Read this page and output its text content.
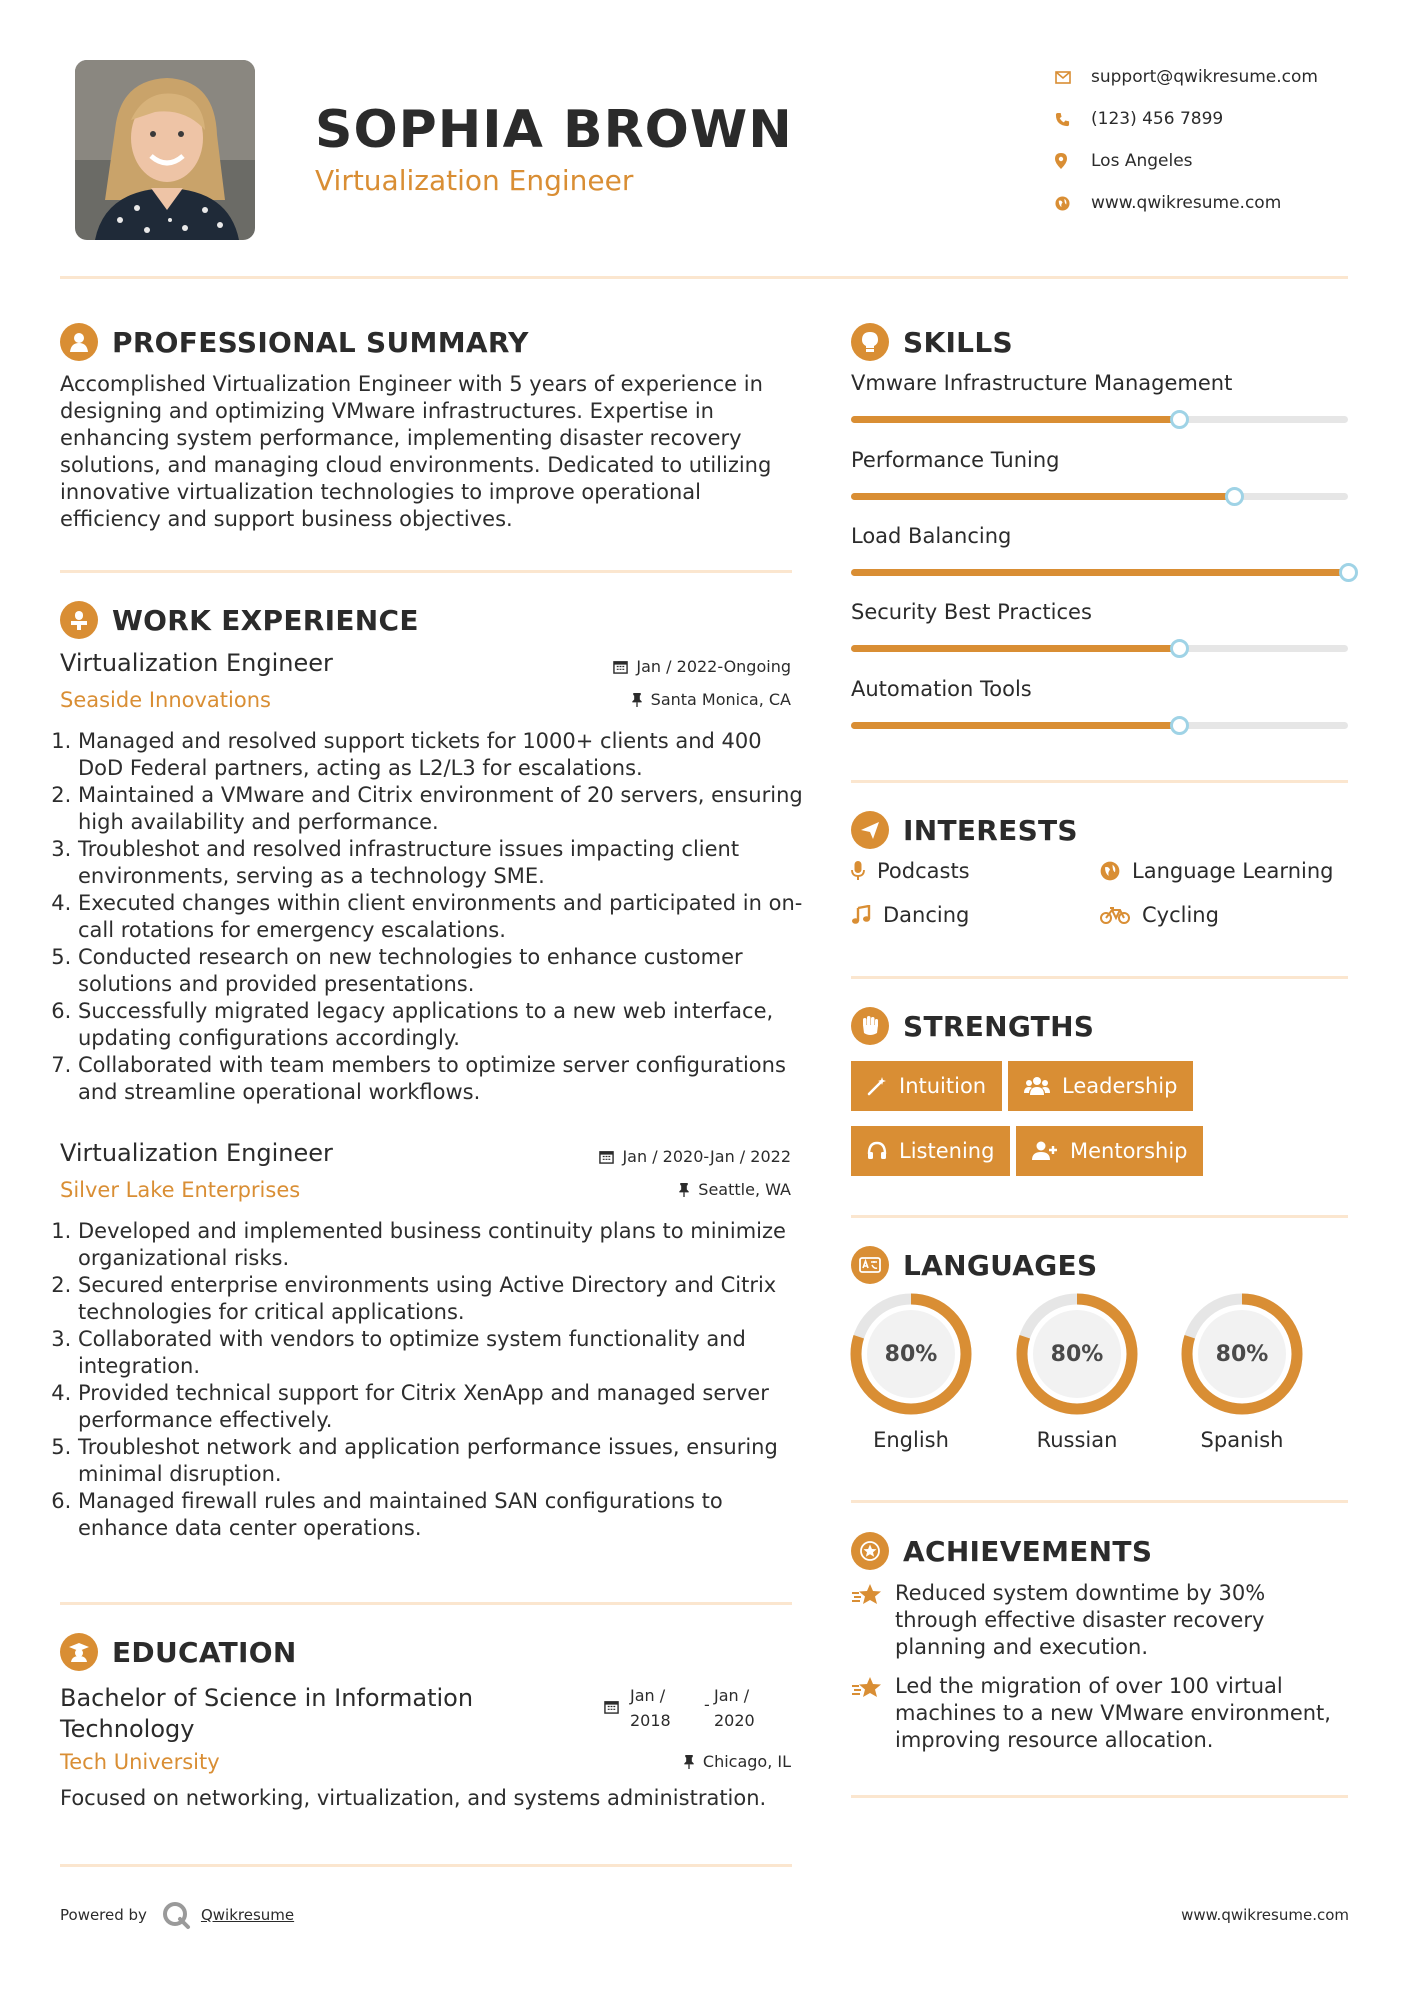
SOPHIA BROWN
Virtualization Engineer
support@qwikresume.com
(123) 456 7899
Los Angeles
www.qwikresume.com
PROFESSIONAL SUMMARY
Accomplished Virtualization Engineer with 5 years of experience in
designing and optimizing VMware infrastructures. Expertise in
enhancing system performance, implementing disaster recovery
solutions, and managing cloud environments. Dedicated to utilizing
innovative virtualization technologies to improve operational
efficiency and support business objectives.
WORK EXPERIENCE
Virtualization Engineer
Seaside Innovations
Jan / 2022-Ongoing
Santa Monica, CA
1. Managed and resolved support tickets for 1000+ clients and 400 DoD Federal partners, acting as L2/L3 for escalations.
2. Maintained a VMware and Citrix environment of 20 servers, ensuring high availability and performance.
3. Troubleshot and resolved infrastructure issues impacting client environments, serving as a technology SME.
4. Executed changes within client environments and participated in on-call rotations for emergency escalations.
5. Conducted research on new technologies to enhance customer solutions and provided presentations.
6. Successfully migrated legacy applications to a new web interface, updating configurations accordingly.
7. Collaborated with team members to optimize server configurations and streamline operational workflows.
Virtualization Engineer
Silver Lake Enterprises
Jan / 2020-Jan / 2022
Seattle, WA
1. Developed and implemented business continuity plans to minimize organizational risks.
2. Secured enterprise environments using Active Directory and Citrix technologies for critical applications.
3. Collaborated with vendors to optimize system functionality and integration.
4. Provided technical support for Citrix XenApp and managed server performance effectively.
5. Troubleshot network and application performance issues, ensuring minimal disruption.
6. Managed firewall rules and maintained SAN configurations to enhance data center operations.
EDUCATION
Bachelor of Science in Information
Technology
Jan /
2018
- Jan /
2020
Tech University	Chicago, IL
Focused on networking, virtualization, and systems administration.
SKILLS
Vmware Infrastructure Management
Performance Tuning
Load Balancing
Security Best Practices
Automation Tools
INTERESTS
Podcasts	Language Learning
Dancing	Cycling
STRENGTHS
Intuition	Leadership
Listening	Mentorship
LANGUAGES
80%
English
80%
Russian
80%
Spanish
ACHIEVEMENTS
Reduced system downtime by 30%
through effective disaster recovery
planning and execution.
Led the migration of over 100 virtual
machines to a new VMware environment,
improving resource allocation.
Powered by	Qwikresume	www.qwikresume.com
